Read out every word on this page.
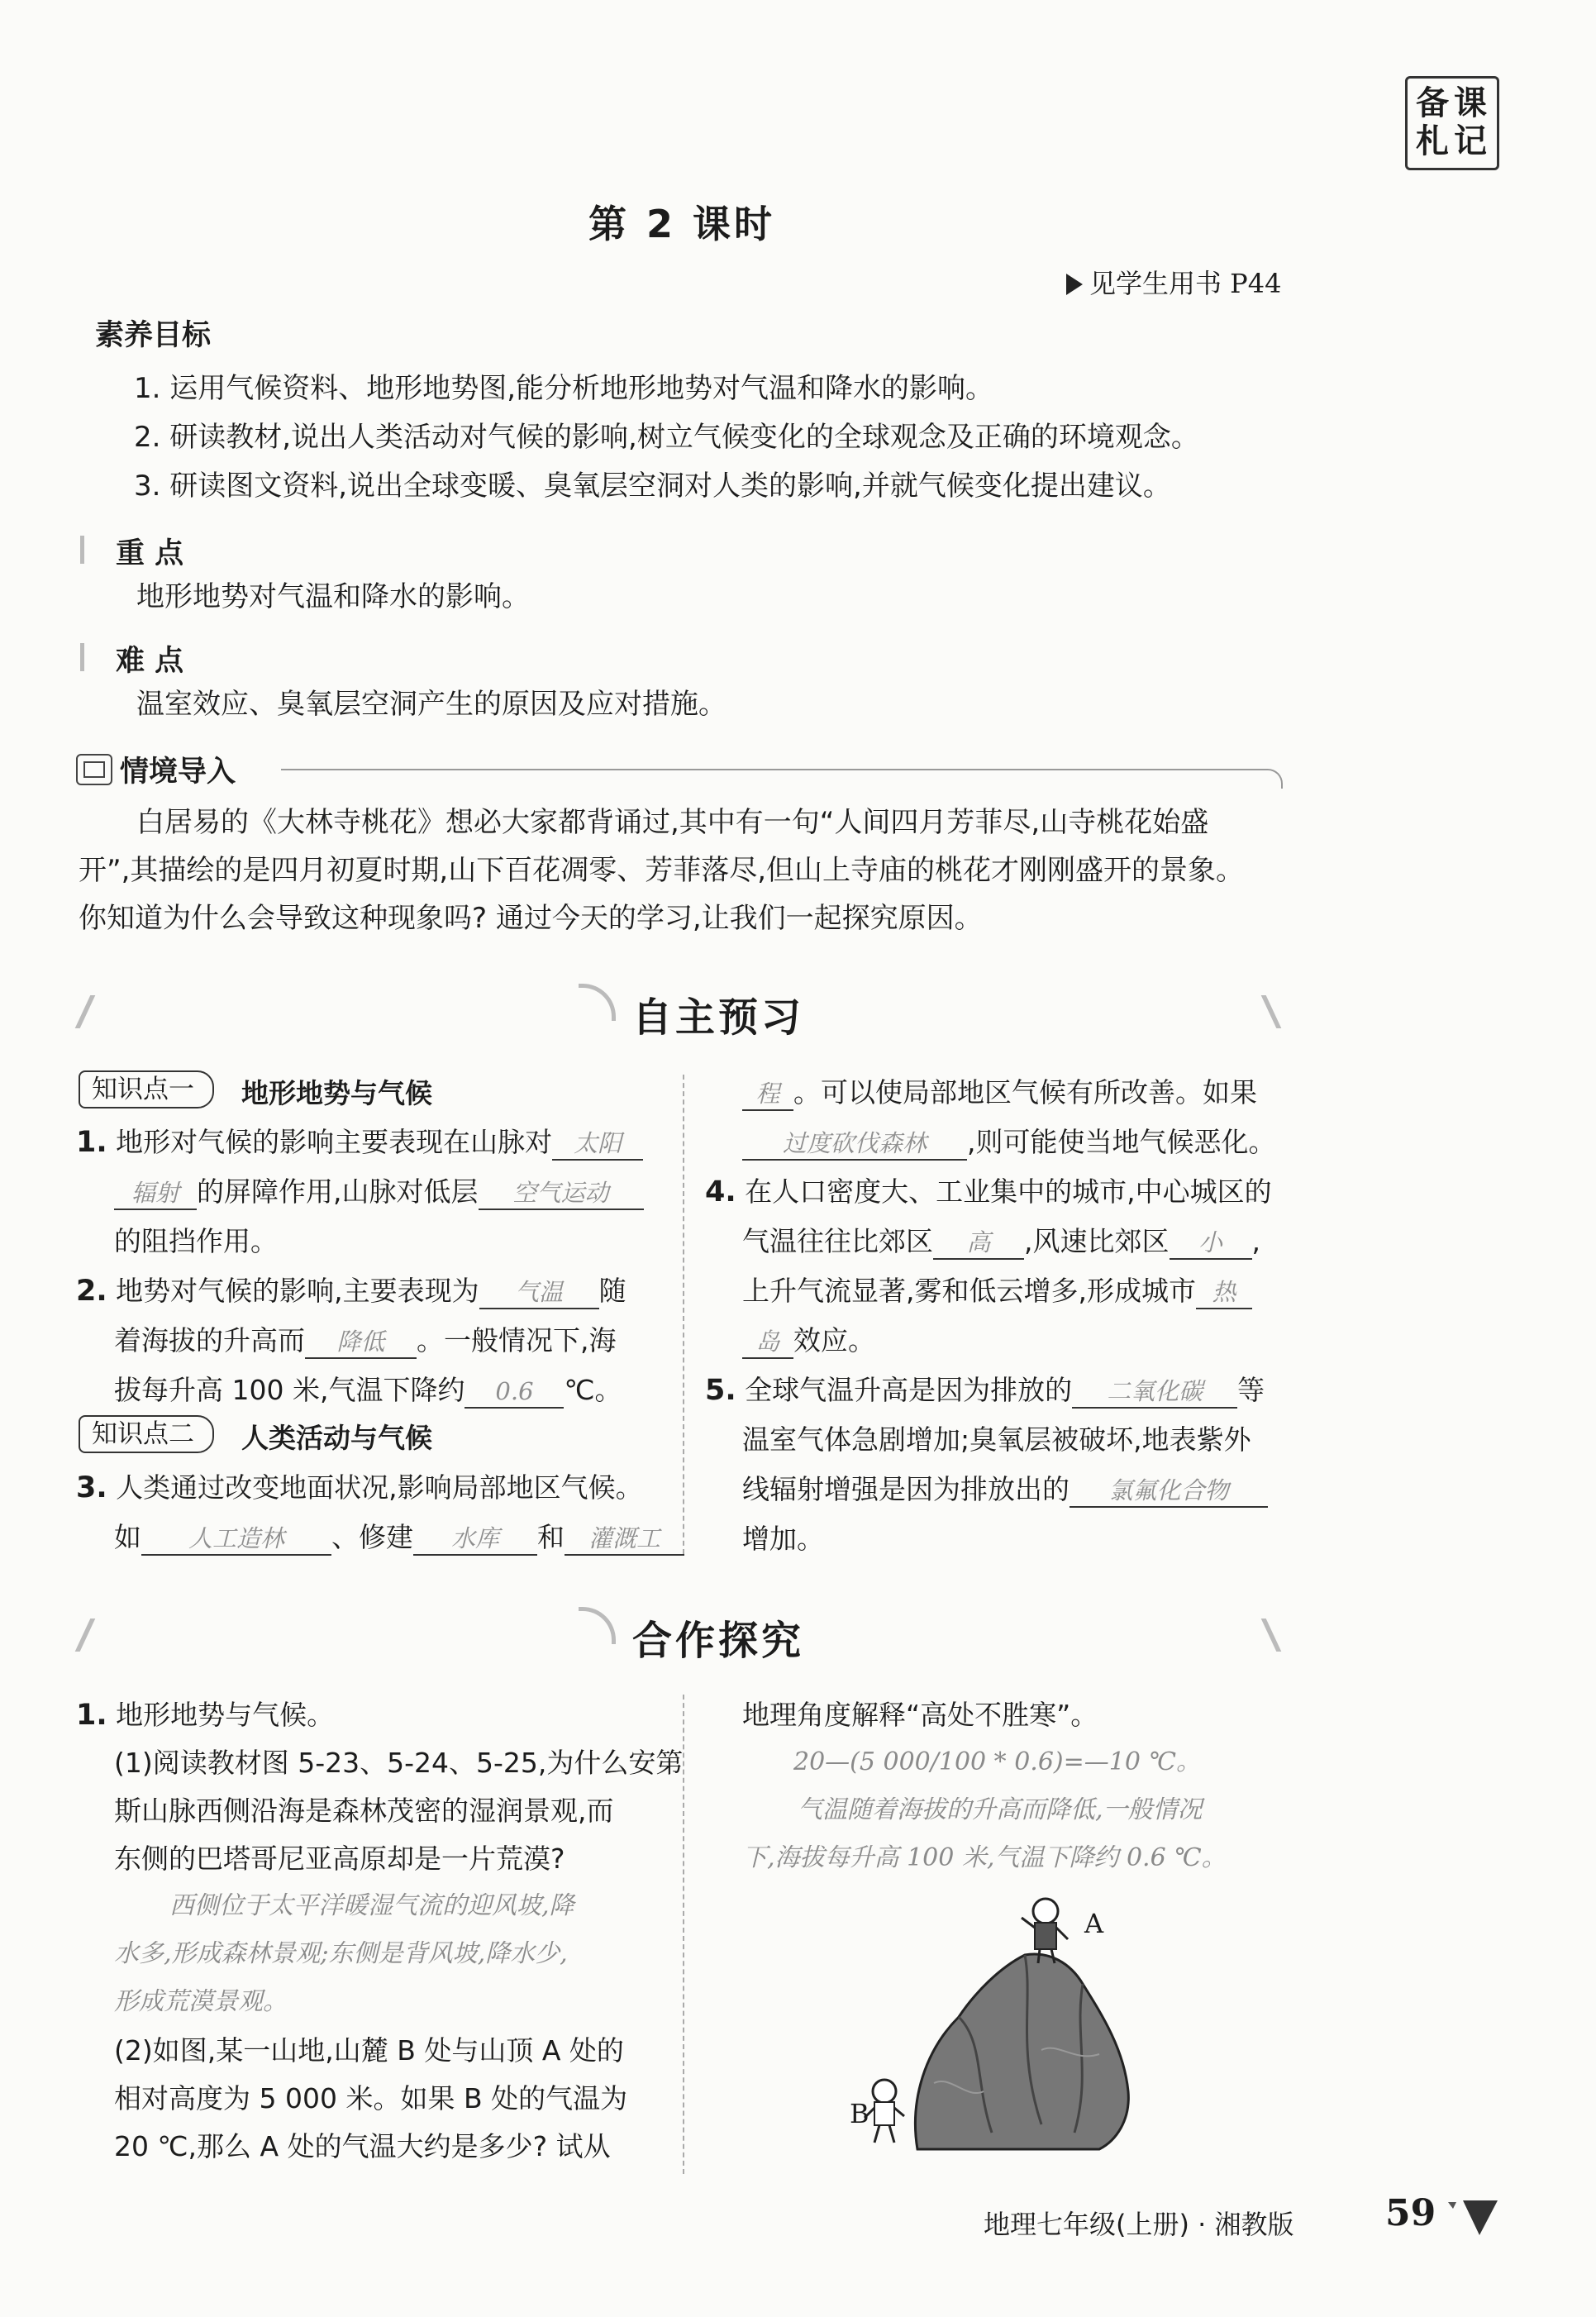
备 课
札 记
第 2 课时
见学生用书 P44
素养目标
1. 运用气候资料、地形地势图,能分析地形地势对气温和降水的影响。
2. 研读教材,说出人类活动对气候的影响,树立气候变化的全球观念及正确的环境观念。
3. 研读图文资料,说出全球变暖、臭氧层空洞对人类的影响,并就气候变化提出建议。
重 点
地形地势对气温和降水的影响。
难 点
温室效应、臭氧层空洞产生的原因及应对措施。
情境导入
白居易的《大林寺桃花》想必大家都背诵过,其中有一句“人间四月芳菲尽,山寺桃花始盛
开”,其描绘的是四月初夏时期,山下百花凋零、芳菲落尽,但山上寺庙的桃花才刚刚盛开的景象。
你知道为什么会导致这种现象吗? 通过今天的学习,让我们一起探究原因。
自主预习
知识点一	地形地势与气候
1. 地形对气候的影响主要表现在山脉对 太阳
辐射 的屏障作用,山脉对低层 空气运动
的阻挡作用。
2. 地势对气候的影响,主要表现为 气温 随
着海拔的升高而 降低 。一般情况下,海
拔每升高 100 米,气温下降约 0.6 ℃。
知识点二	人类活动与气候
3. 人类通过改变地面状况,影响局部地区气候。
如 人工造林 、修建 水库 和 灌溉工
程 。可以使局部地区气候有所改善。如果
过度砍伐森林 ,则可能使当地气候恶化。
4. 在人口密度大、工业集中的城市,中心城区的
气温往往比郊区 高 ,风速比郊区 小 ,
上升气流显著,雾和低云增多,形成城市 热
岛 效应。
5. 全球气温升高是因为排放的 二氧化碳 等
温室气体急剧增加;臭氧层被破坏,地表紫外
线辐射增强是因为排放出的 氯氟化合物
增加。
合作探究
1. 地形地势与气候。
(1)阅读教材图 5-23、5-24、5-25,为什么安第
斯山脉西侧沿海是森林茂密的湿润景观,而
东侧的巴塔哥尼亚高原却是一片荒漠?
西侧位于太平洋暖湿气流的迎风坡,降
水多,形成森林景观;东侧是背风坡,降水少,
形成荒漠景观。
(2)如图,某一山地,山麓 B 处与山顶 A 处的
相对高度为 5 000 米。如果 B 处的气温为
20 ℃,那么 A 处的气温大约是多少? 试从
地理角度解释“高处不胜寒”。
20—(5 000/100 * 0.6)=—10 ℃。
气温随着海拔的升高而降低,一般情况
下,海拔每升高 100 米,气温下降约 0.6 ℃。
A
B
地理七年级(上册) · 湘教版	59
